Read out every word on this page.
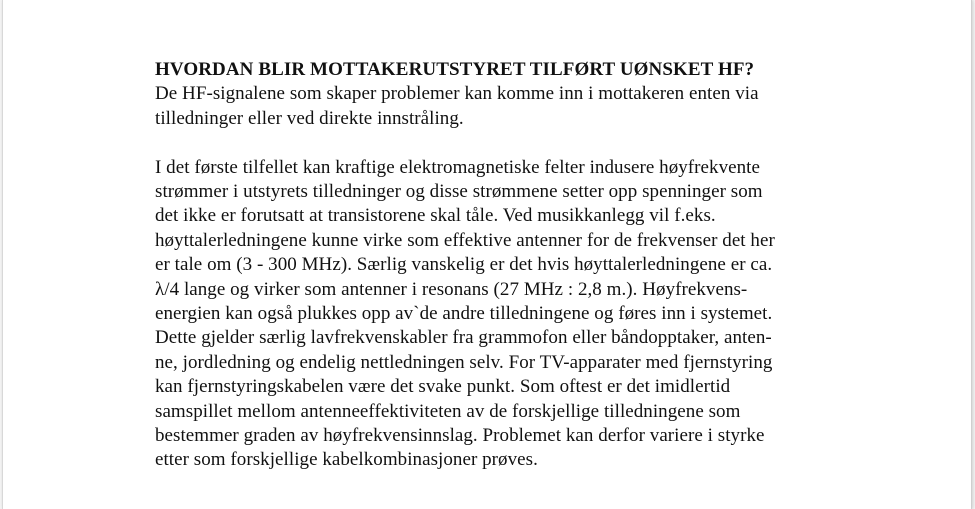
HVORDAN BLIR MOTTAKERUTSTYRET TILFØRT UØNSKET HF?
De HF-signalene som skaper problemer kan komme inn i mottakeren enten via
tilledninger eller ved direkte innstråling.
I det første tilfellet kan kraftige elektromagnetiske felter indusere høyfrekvente
strømmer i utstyrets tilledninger og disse strømmene setter opp spenninger som
det ikke er forutsatt at transistorene skal tåle. Ved musikkanlegg vil f.eks.
høyttalerledningene kunne virke som effektive antenner for de frekvenser det her
er tale om (3 - 300 MHz). Særlig vanskelig er det hvis høyttalerledningene er ca.
λ/4 lange og virker som antenner i resonans (27 MHz : 2,8 m.). Høyfrekvens-
energien kan også plukkes opp av`de andre tilledningene og føres inn i systemet.
Dette gjelder særlig lavfrekvenskabler fra grammofon eller båndopptaker, anten-
ne, jordledning og endelig nettledningen selv. For TV-apparater med fjernstyring
kan fjernstyringskabelen være det svake punkt. Som oftest er det imidlertid
samspillet mellom antenneeffektiviteten av de forskjellige tilledningene som
bestemmer graden av høyfrekvensinnslag. Problemet kan derfor variere i styrke
etter som forskjellige kabelkombinasjoner prøves.
